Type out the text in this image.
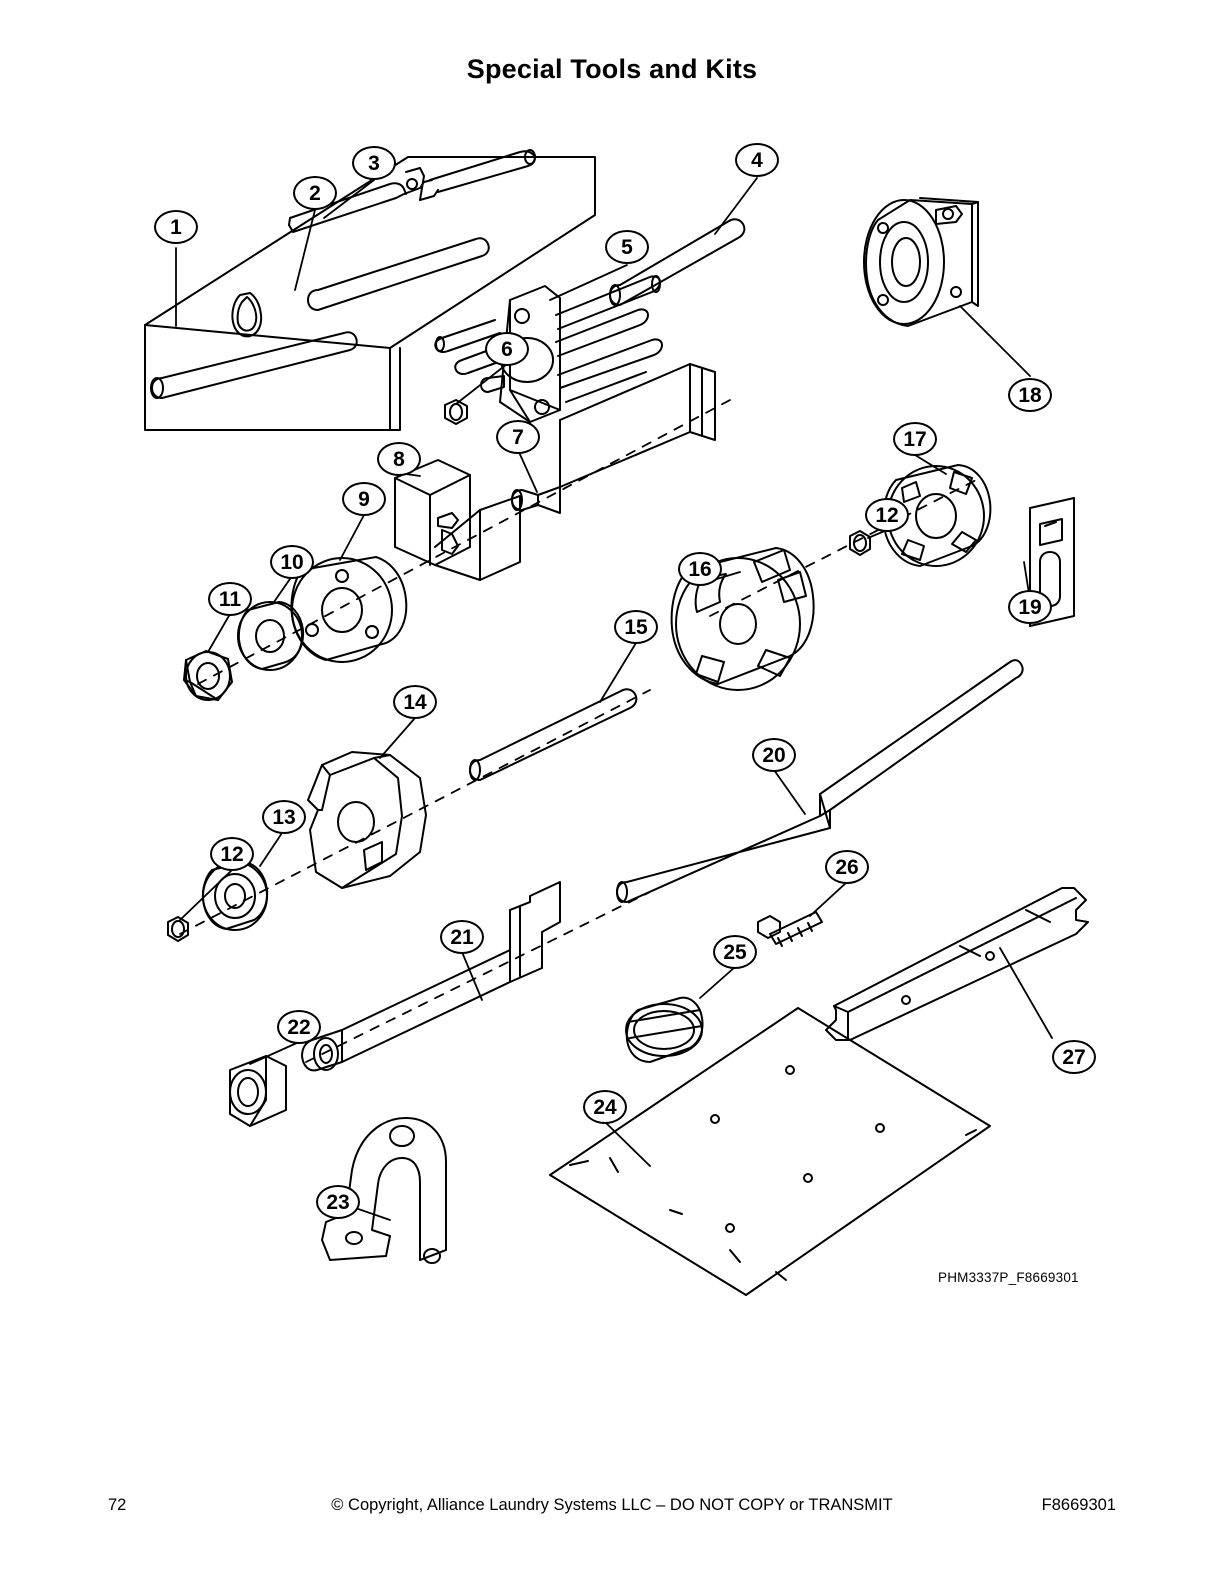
Special Tools and Kits
1
2
3	4
5
6
7
8
9
10
11
12
13
12
14
15
16
17
18
19
20
21
22
23
24
25
26
27
PHM3337P_F8669301
72	© Copyright, Alliance Laundry Systems LLC – DO NOT COPY or TRANSMIT	F8669301
